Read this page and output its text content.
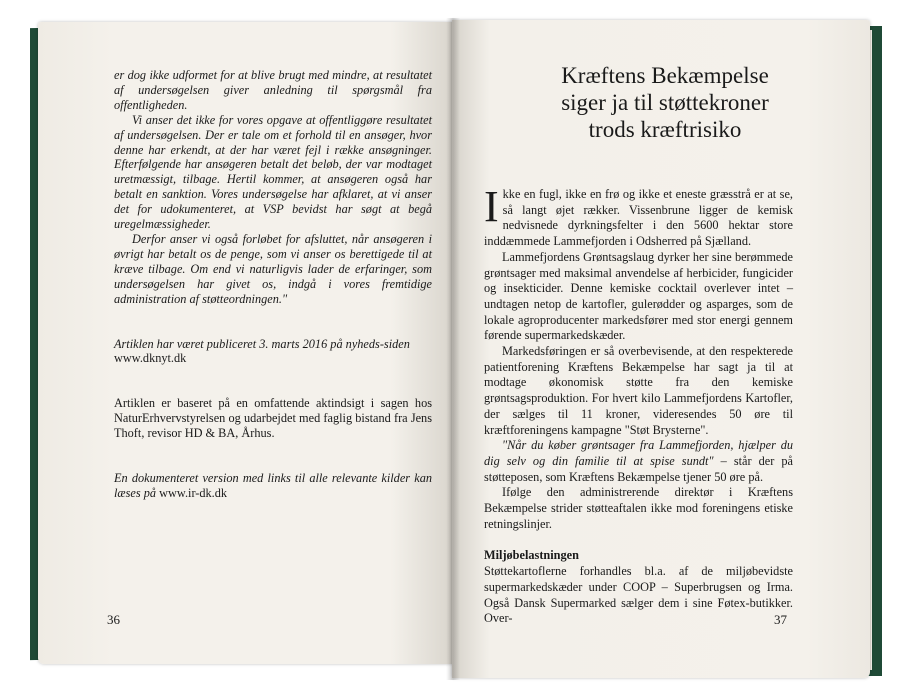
er dog ikke udformet for at blive brugt med mindre, at resultatet af undersøgelsen giver anledning til spørgsmål fra offentligheden.

Vi anser det ikke for vores opgave at offentliggøre resultatet af undersøgelsen. Der er tale om et forhold til en ansøger, hvor denne har erkendt, at der har været fejl i række ansøgninger. Efterfølgende har ansøgeren betalt det beløb, der var modtaget uretmæssigt, tilbage. Hertil kommer, at ansøgeren også har betalt en sanktion. Vores undersøgelse har afklaret, at vi anser det for udokumenteret, at VSP bevidst har søgt at begå uregelmæssigheder.

Derfor anser vi også forløbet for afsluttet, når ansøgeren i øvrigt har betalt os de penge, som vi anser os berettigede til at kræve tilbage. Om end vi naturligvis lader de erfaringer, som undersøgelsen har givet os, indgå i vores fremtidige administration af støtteordningen."

Artiklen har været publiceret 3. marts 2016 på nyheds-siden

www.dknyt.dk

Artiklen er baseret på en omfattende aktindsigt i sagen hos NaturErhvervstyrelsen og udarbejdet med faglig bistand fra Jens Thoft, revisor HD & BA, Århus.

En dokumenteret version med links til alle relevante kilder kan læses på www.ir-dk.dk

36
Kræftens Bekæmpelse
siger ja til støttekroner
trods kræftrisiko

Ikke en fugl, ikke en frø og ikke et eneste græsstrå er at se, så langt øjet rækker. Vissenbrune ligger de kemisk nedvisnede dyrkningsfelter i den 5600 hektar store inddæmmede Lammefjorden i Odsherred på Sjælland.

Lammefjordens Grøntsagslaug dyrker her sine berømmede grøntsager med maksimal anvendelse af herbicider, fungicider og insekticider. Denne kemiske cocktail overlever intet – undtagen netop de kartofler, gulerødder og asparges, som de lokale agroproducenter markedsfører med stor energi gennem førende supermarkedskæder.

Markedsføringen er så overbevisende, at den respekterede patientforening Kræftens Bekæmpelse har sagt ja til at modtage økonomisk støtte fra den kemiske grøntsagsproduktion. For hvert kilo Lammefjordens Kartofler, der sælges til 11 kroner, videresendes 50 øre til kræftforeningens kampagne "Støt Brysterne".

"Når du køber grøntsager fra Lammefjorden, hjælper du dig selv og din familie til at spise sundt" – står der på støtteposen, som Kræftens Bekæmpelse tjener 50 øre på.

Ifølge den administrerende direktør i Kræftens Bekæmpelse strider støtteaftalen ikke mod foreningens etiske retningslinjer.

Miljøbelastningen

Støttekartoflerne forhandles bl.a. af de miljøbevidste supermarkedskæder under COOP – Superbrugsen og Irma. Også Dansk Supermarked sælger dem i sine Føtex-butikker. Over-	37
